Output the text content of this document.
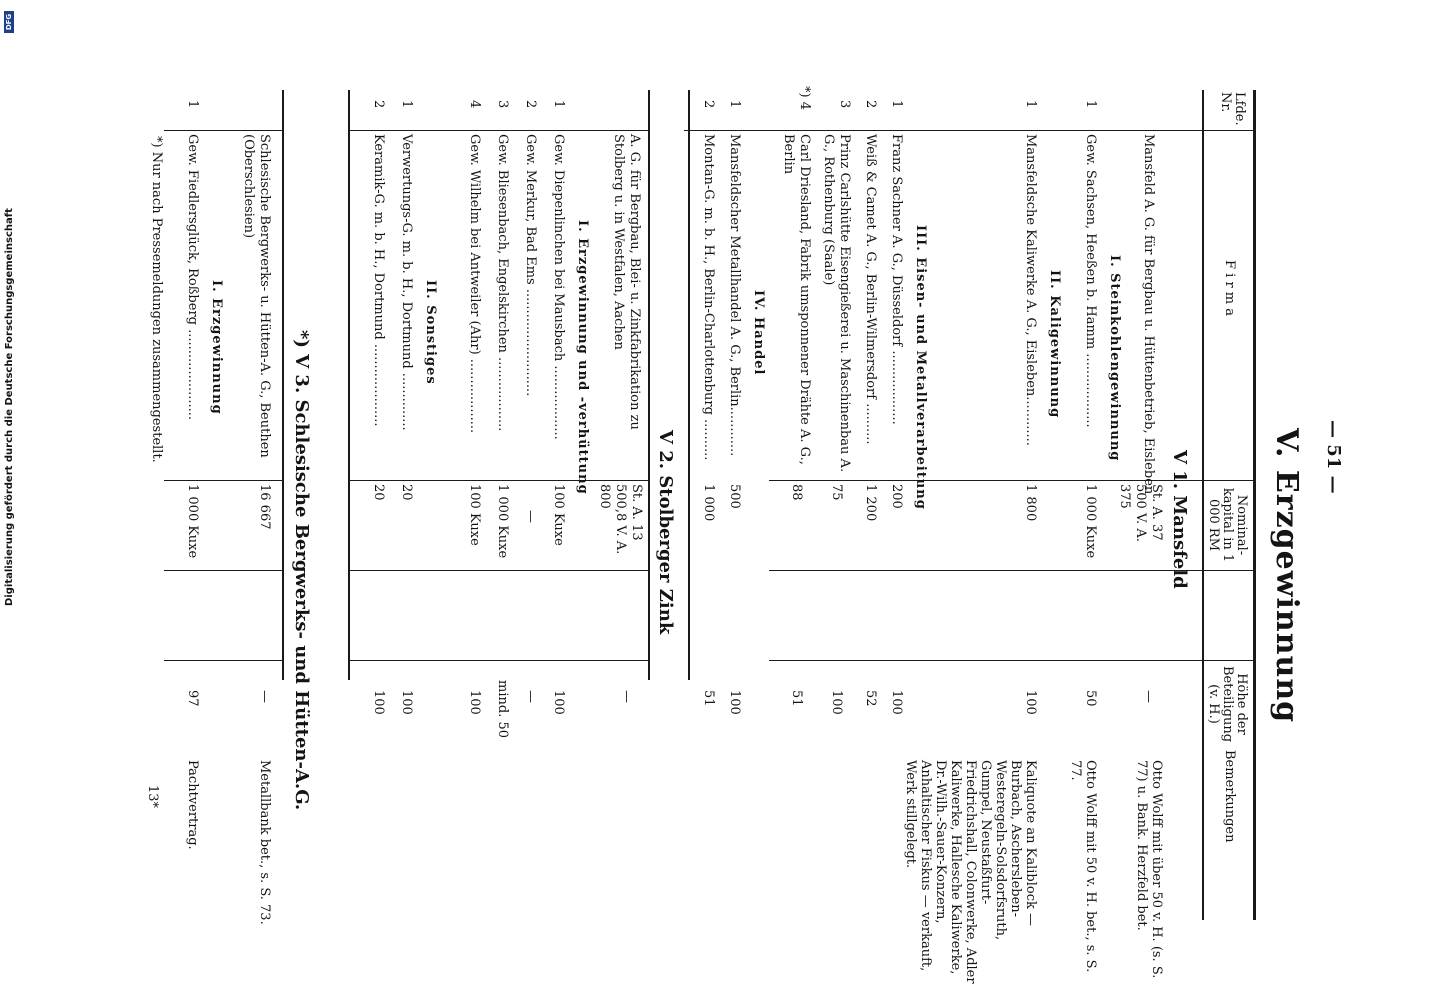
— 51 —
V. Erzgewinnung
Lfde. Nr.
F i r m a
Nominal-kapital in 1 000 RM
Höhe der Beteiligung (v. H.)
Bemerkungen
V 1. Mansfeld
Mansfeld A. G. für Bergbau u. Hüttenbetrieb, Eisleben
St. A. 37 500 V. A. 375
—
Otto Wolff mit über 50 v. H. (s. S. 77) u. Bank. Herzfeld bet.
I. Steinkohlengewinnung
1
Gew. Sachsen, Heeßen b. Hamm ..................
1 000 Kuxe
50
Otto Wolff mit 50 v. H. bet., s. S. 77.
II. Kaligewinnung
1
Mansfeldsche Kaliwerke A. G., Eisleben............
1 800
100
Kaliquote an Kaliblock — Burbach, Aschersleben-Westeregeln-Solsdorfsruth, Gumpel, Neustaßfurt-Friedrichshall, Colonwerke, Adler Kaliwerke, Hallesche Kaliwerke, Dr.-Wilh.-Sauer-Konzern, Anhaltischer Fiskus — verkauft, Werk stillgelegt.
III. Eisen- und Metallverarbeitung
1
Franz Sachner A. G., Düsseldorf ..................
200
100
2
Weiß & Camet A. G., Berlin-Wilmersdorf ..........
1 200
52
3
Prinz Carlshütte Eisengießerei u. Maschinenbau A. G., Rothenburg (Saale)
75
100
*) 4
Carl Driesland, Fabrik umsponnener Drähte A. G., Berlin
88
51
IV. Handel
1
Mansfeldscher Metallhandel A. G., Berlin............
500
100
2
Montan-G. m. b. H., Berlin-Charlottenburg ..........
1 000
51
V 2. Stolberger Zink
A. G. für Bergbau, Blei- u. Zinkfabrikation zu Stolberg u. in Westfalen, Aachen
St. A. 13 500,8 V. A. 800
—
I. Erzgewinnung und -verhüttung
1
Gew. Diepenlinchen bei Mausbach ..................
100 Kuxe
100
2
Gew. Merkur, Bad Ems ..........................
—
—
3
Gew. Bliesenbach, Engelskirchen ..................
1 000 Kuxe
mind. 50
4
Gew. Wilhelm bei Antweiler (Ahr) ..................
100 Kuxe
100
II. Sonstiges
1
Verwertungs-G. m. b. H., Dortmund ..............
20
100
2
Keramik-G. m. b. H., Dortmund ....................
20
100
*) V 3. Schlesische Bergwerks- und Hütten-A.G.
Schlesische Bergwerks- u. Hütten-A. G., Beuthen (Oberschlesien)
16 667
—
Metallbank bet., s. S. 73.
I. Erzgewinnung
1
Gew. Fiedlersglück, Roßberg ......................
1 000 Kuxe
97
Pachtvertrag.
*) Nur nach Pressemeldungen zusammengestellt.
13*
DFG
Digitalisierung gefördert durch die Deutsche Forschungsgemeinschaft
